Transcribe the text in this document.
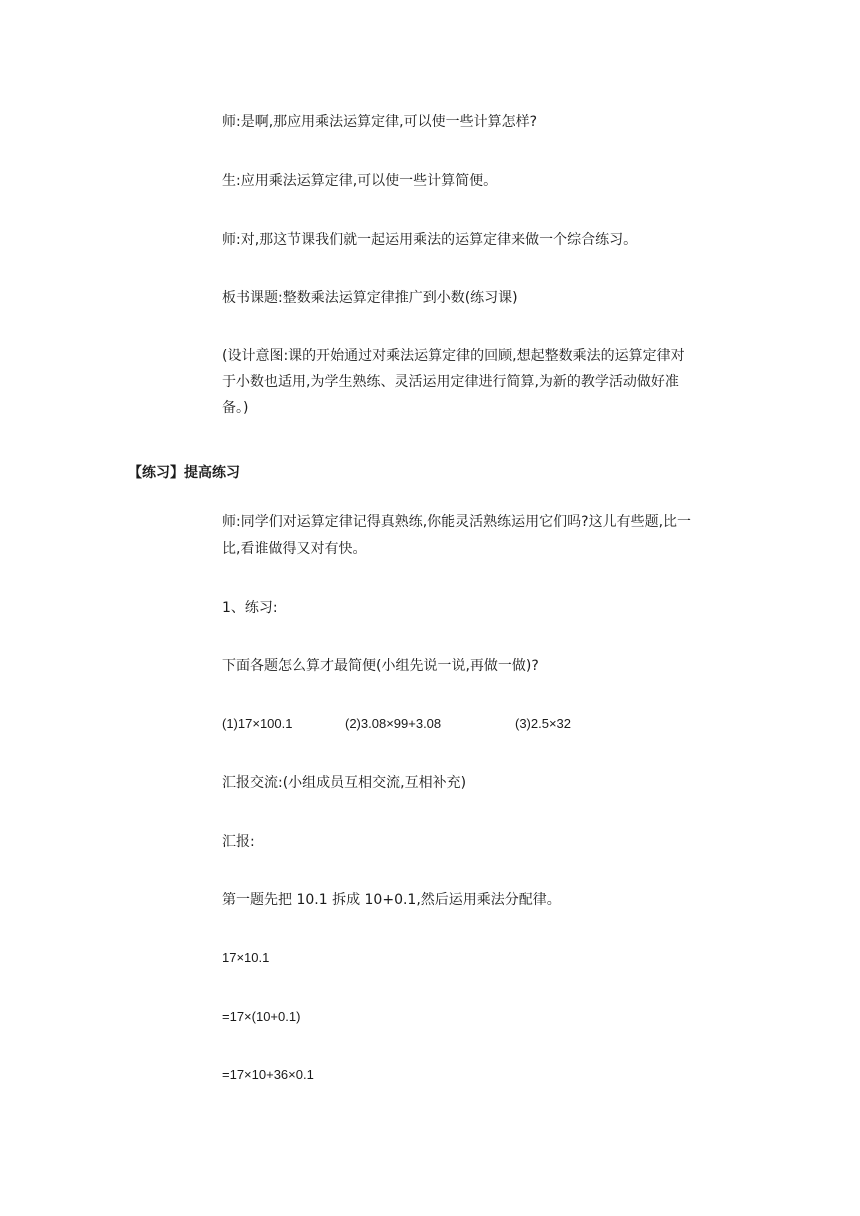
师:是啊,那应用乘法运算定律,可以使一些计算怎样?
生:应用乘法运算定律,可以使一些计算简便。
师:对,那这节课我们就一起运用乘法的运算定律来做一个综合练习。
板书课题:整数乘法运算定律推广到小数(练习课)
(设计意图:课的开始通过对乘法运算定律的回顾,想起整数乘法的运算定律对
于小数也适用,为学生熟练、灵活运用定律进行简算,为新的教学活动做好准
备。)
【练习】提高练习
师:同学们对运算定律记得真熟练,你能灵活熟练运用它们吗?这儿有些题,比一
比,看谁做得又对有快。
1、练习:
下面各题怎么算才最简便(小组先说一说,再做一做)?
(1)17×100.1	(2)3.08×99+3.08	(3)2.5×32
汇报交流:(小组成员互相交流,互相补充)
汇报:
第一题先把 10.1 拆成 10+0.1,然后运用乘法分配律。
17×10.1
=17×(10+0.1)
=17×10+36×0.1
